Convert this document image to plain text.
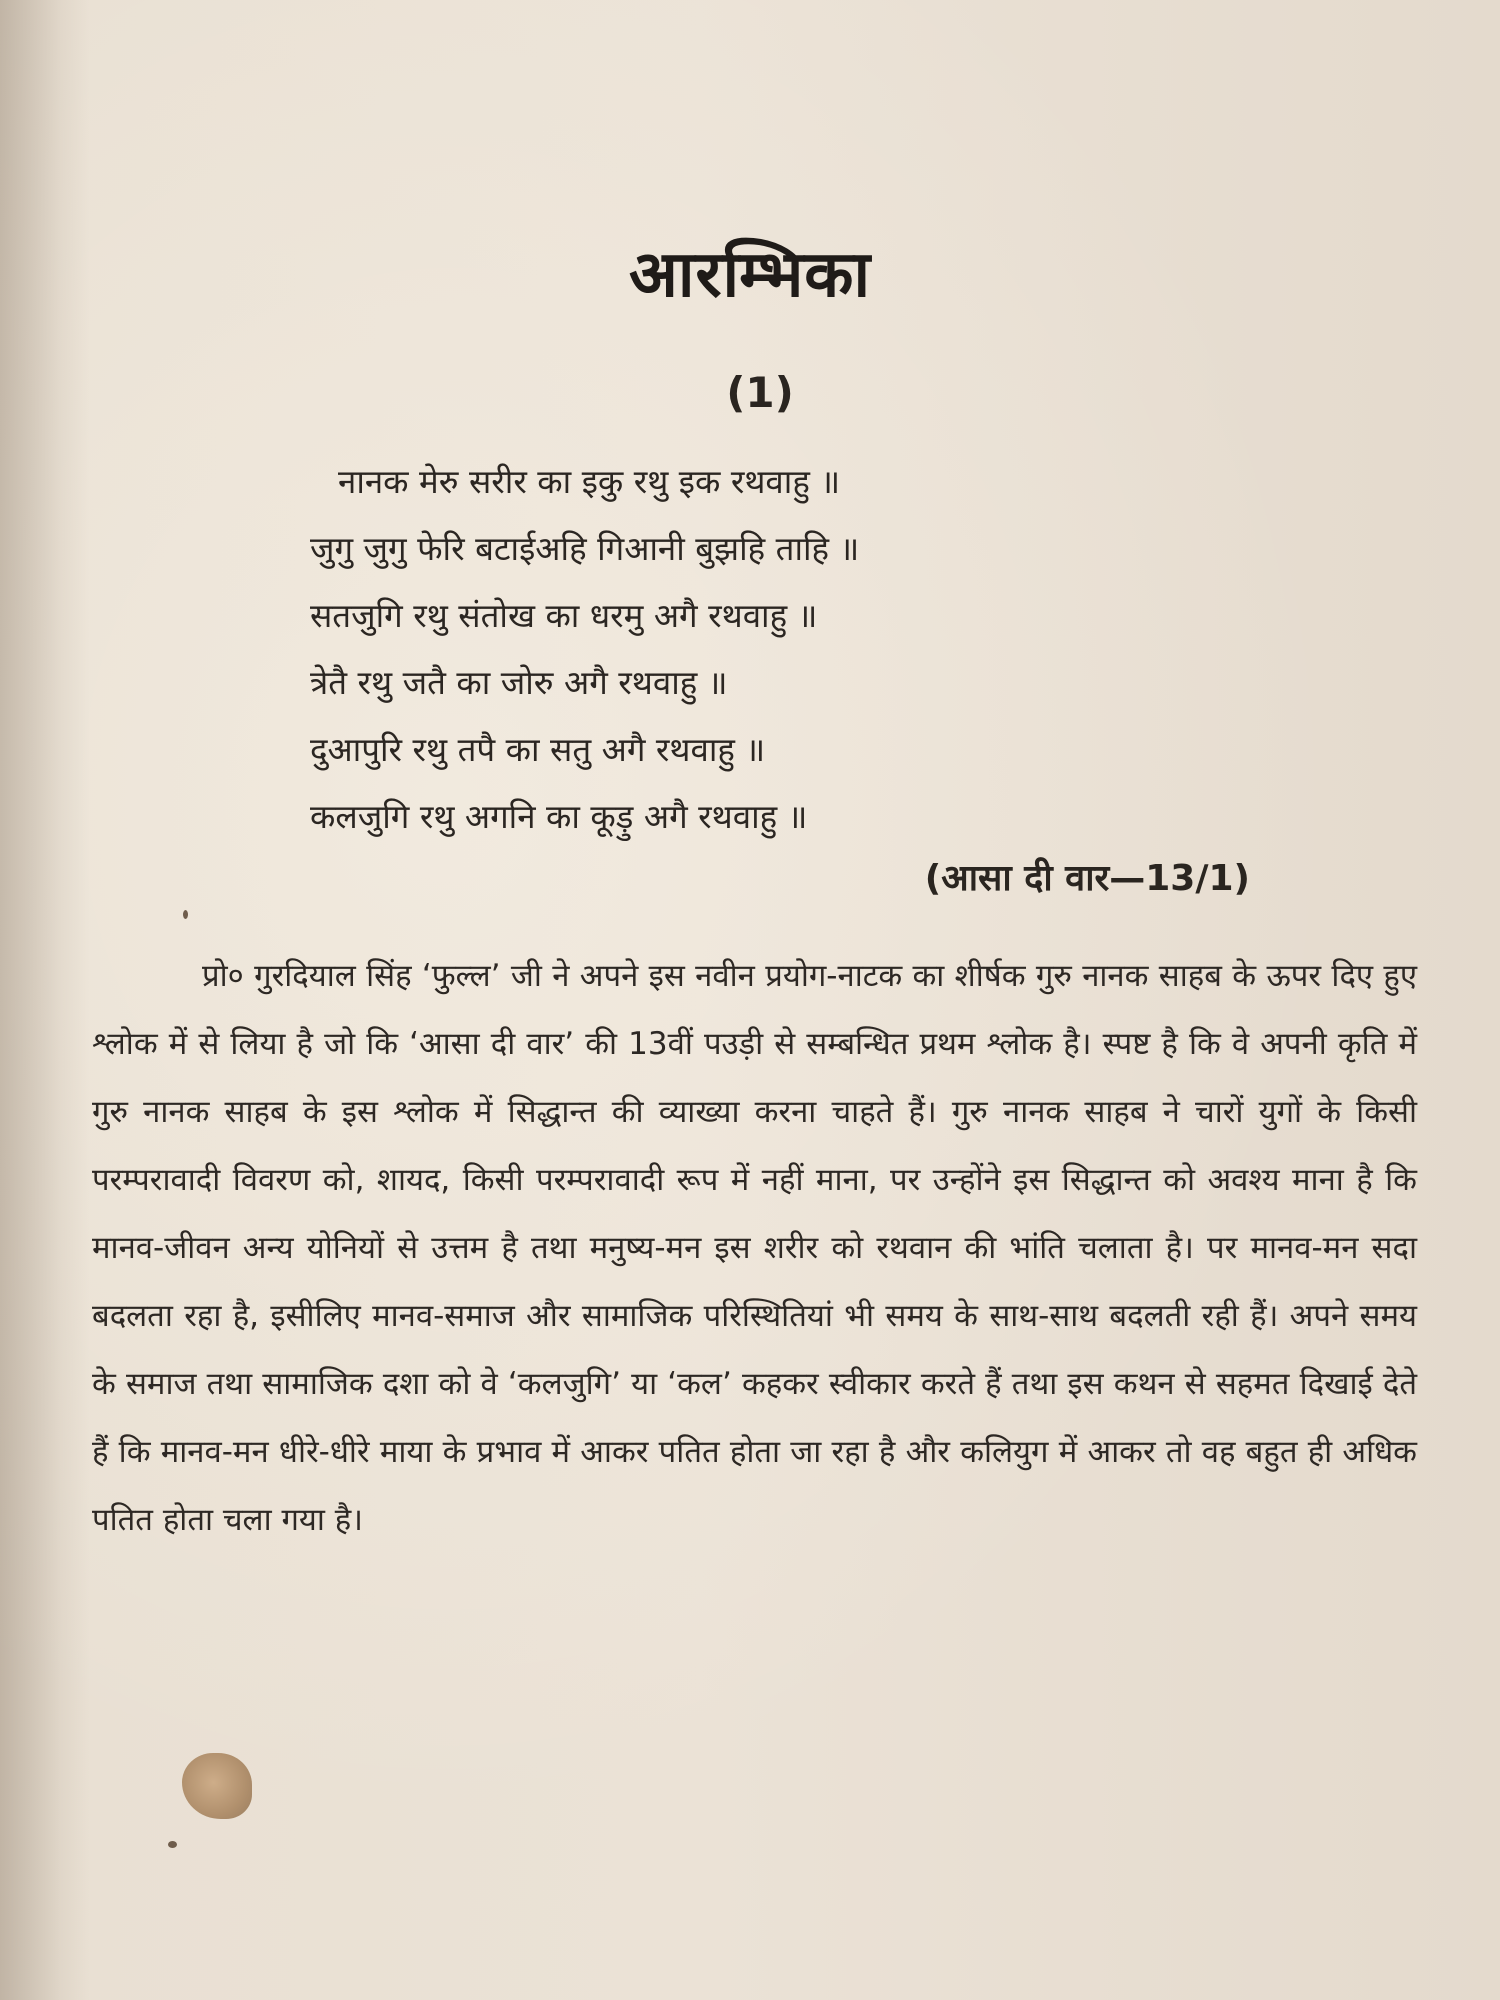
आरम्भिका
(1)
नानक मेरु सरीर का इकु रथु इक रथवाहु ॥
जुगु जुगु फेरि बटाईअहि गिआनी बुझहि ताहि ॥
सतजुगि रथु संतोख का धरमु अगै रथवाहु ॥
त्रेतै रथु जतै का जोरु अगै रथवाहु ॥
दुआपुरि रथु तपै का सतु अगै रथवाहु ॥
कलजुगि रथु अगनि का कूड़ु अगै रथवाहु ॥
(आसा दी वार—13/1)

प्रो० गुरदियाल सिंह ‘फुल्ल’ जी ने अपने इस नवीन प्रयोग-नाटक का शीर्षक गुरु नानक साहब के ऊपर दिए हुए श्लोक में से लिया है जो कि ‘आसा दी वार’ की 13वीं पउड़ी से सम्बन्धित प्रथम श्लोक है। स्पष्ट है कि वे अपनी कृति में गुरु नानक साहब के इस श्लोक में सिद्धान्त की व्याख्या करना चाहते हैं। गुरु नानक साहब ने चारों युगों के किसी परम्परावादी विवरण को, शायद, किसी परम्परावादी रूप में नहीं माना, पर उन्होंने इस सिद्धान्त को अवश्य माना है कि मानव-जीवन अन्य योनियों से उत्तम है तथा मनुष्य-मन इस शरीर को रथवान की भांति चलाता है। पर मानव-मन सदा बदलता रहा है, इसीलिए मानव-समाज और सामाजिक परिस्थितियां भी समय के साथ-साथ बदलती रही हैं। अपने समय के समाज तथा सामाजिक दशा को वे ‘कलजुगि’ या ‘कल’ कहकर स्वीकार करते हैं तथा इस कथन से सहमत दिखाई देते हैं कि मानव-मन धीरे-धीरे माया के प्रभाव में आकर पतित होता जा रहा है और कलियुग में आकर तो वह बहुत ही अधिक पतित होता चला गया है।
